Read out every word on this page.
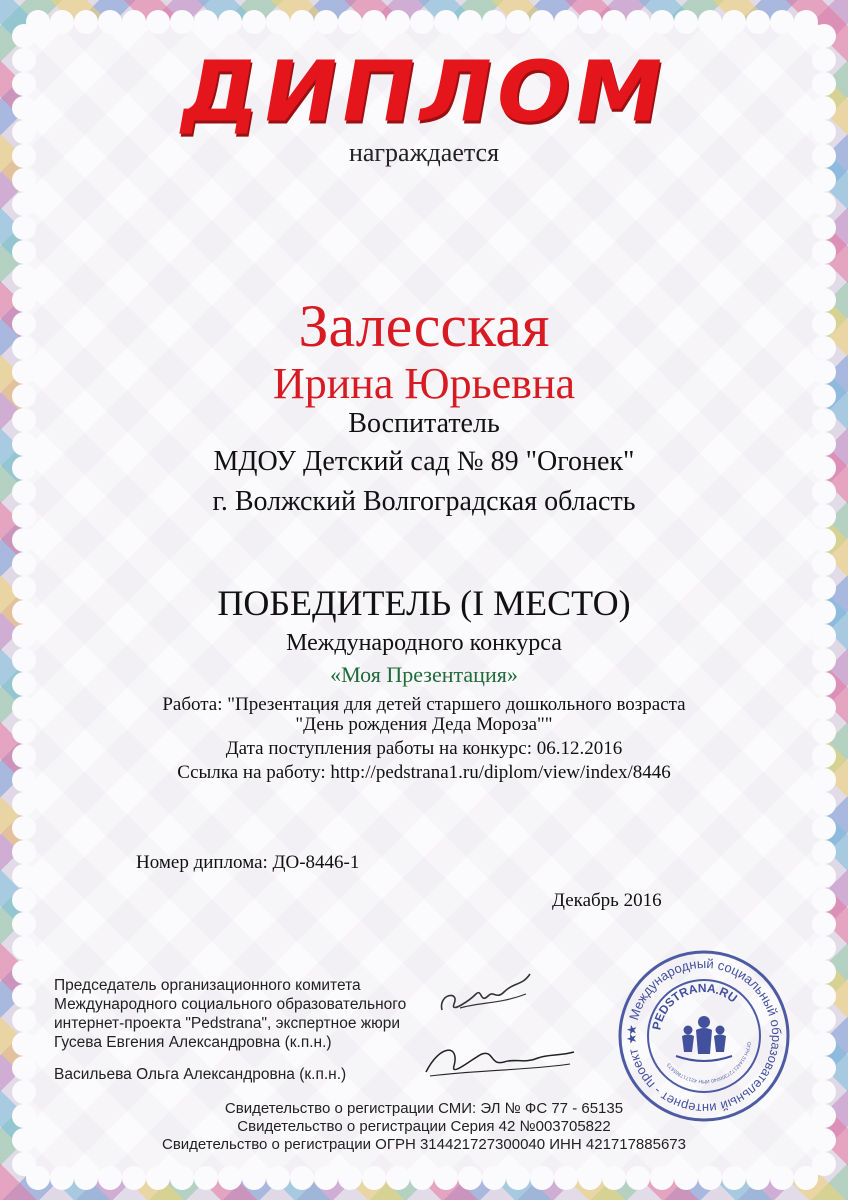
ДИПЛОМ
награждается
Залесская
Ирина Юрьевна
Воспитатель
МДОУ Детский сад № 89 "Огонек"
г. Волжский Волгоградская область
ПОБЕДИТЕЛЬ (I МЕСТО)
Международного конкурса
«Моя Презентация»
Работа: "Презентация для детей старшего дошкольного возраста
"День рождения Деда Мороза""
Дата поступления работы на конкурс: 06.12.2016
Ссылка на работу: http://pedstrana1.ru/diplom/view/index/8446
Номер диплома: ДО-8446-1
Декабрь 2016
Председатель организационного комитета
Международного социального образовательного
интернет-проекта "Pedstrana", экспертное жюри
Гусева Евгения Александровна (к.п.н.)
Васильева Ольга Александровна (к.п.н.)
Свидетельство о регистрации СМИ: ЭЛ № ФС 77 - 65135
Свидетельство о регистрации Серия 42 №003705822
Свидетельство о регистрации ОГРН 314421727300040 ИНН 421717885673
★ Международный социальный образовательный интернет - проект ★
PEDSTRANA.RU
ОГРН 314421727300040 ИНН 421717885673
